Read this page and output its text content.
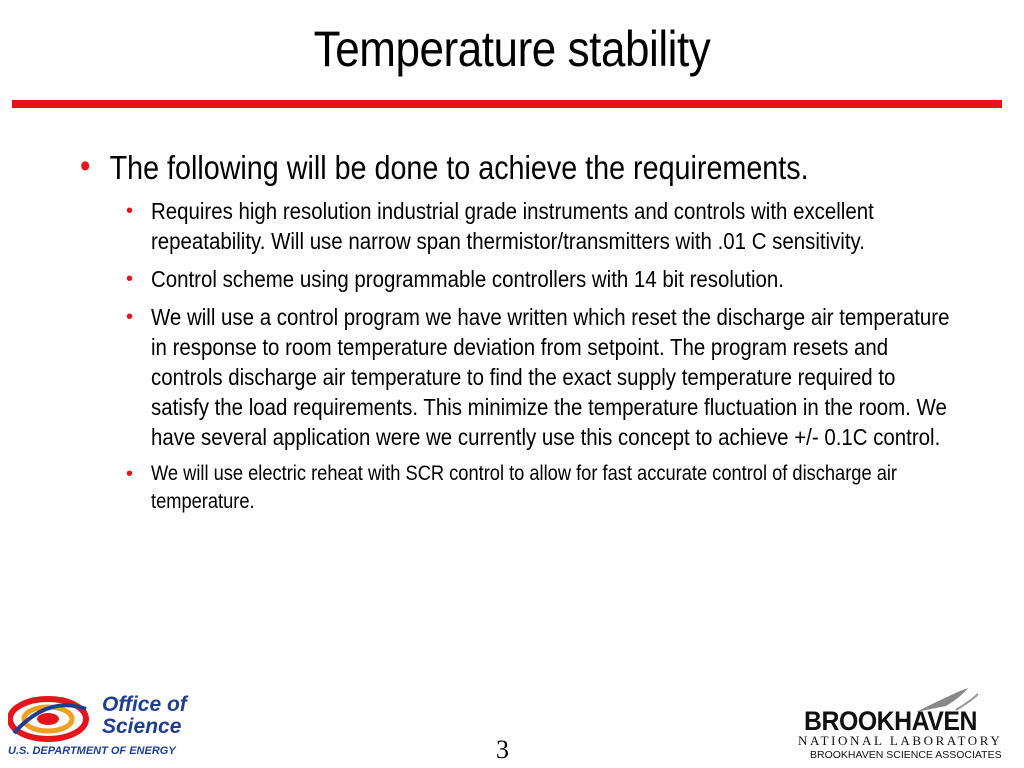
Temperature stability
• The following will be done to achieve the requirements.
• Requires high resolution industrial grade instruments and controls with excellent repeatability. Will use narrow span thermistor/transmitters with .01 C sensitivity.
• Control scheme using programmable controllers with 14 bit resolution.
• We will use a control program we have written which reset the discharge air temperature in response to room temperature deviation from setpoint. The program resets and controls discharge air temperature to find the exact supply temperature required to satisfy the load requirements. This minimize the temperature fluctuation in the room. We have several application were we currently use this concept to achieve +/- 0.1C control.
• We will use electric reheat with SCR control to allow for fast accurate control of discharge air temperature.
Office of
Science
U.S. DEPARTMENT OF ENERGY	3
BROOKHAVEN
NATIONAL LABORATORY
BROOKHAVEN SCIENCE ASSOCIATES
